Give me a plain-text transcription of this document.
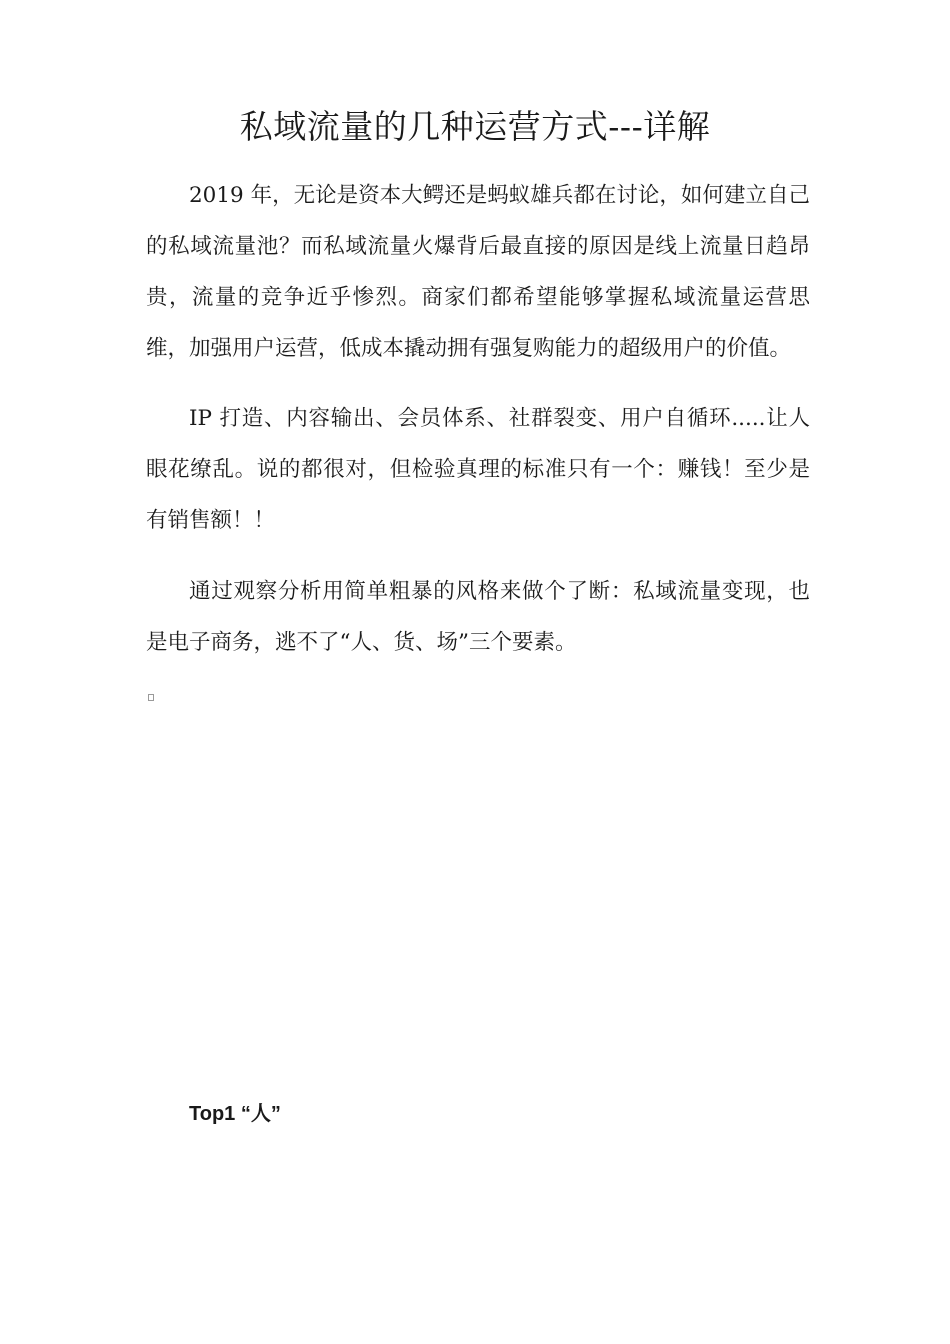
私域流量的几种运营方式---详解

2019 年，无论是资本大鳄还是蚂蚁雄兵都在讨论，如何建立自己的私域流量池？而私域流量火爆背后最直接的原因是线上流量日趋昂贵，流量的竞争近乎惨烈。商家们都希望能够掌握私域流量运营思维，加强用户运营，低成本撬动拥有强复购能力的超级用户的价值。

IP 打造、内容输出、会员体系、社群裂变、用户自循环.....让人眼花缭乱。说的都很对，但检验真理的标准只有一个：赚钱！至少是有销售额！！

通过观察分析用简单粗暴的风格来做个了断：私域流量变现，也是电子商务，逃不了“人、货、场”三个要素。

Top1 “人”
